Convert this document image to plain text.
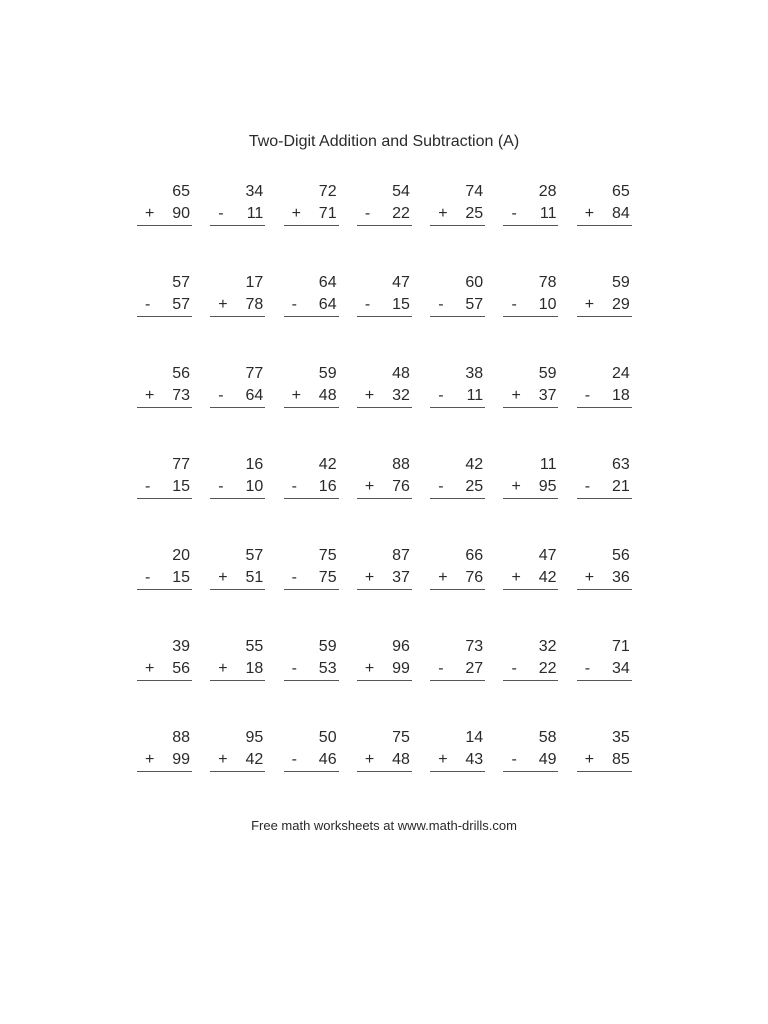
Two-Digit Addition and Subtraction (A)
65
+ 90
34
- 11
72
+ 71
54
- 22
74
+ 25
28
- 11
65
+ 84
57
- 57
17
+ 78
64
- 64
47
- 15
60
- 57
78
- 10
59
+ 29
56
+ 73
77
- 64
59
+ 48
48
+ 32
38
- 11
59
+ 37
24
- 18
77
- 15
16
- 10
42
- 16
88
+ 76
42
- 25
11
+ 95
63
- 21
20
- 15
57
+ 51
75
- 75
87
+ 37
66
+ 76
47
+ 42
56
+ 36
39
+ 56
55
+ 18
59
- 53
96
+ 99
73
- 27
32
- 22
71
- 34
88
+ 99
95
+ 42
50
- 46
75
+ 48
14
+ 43
58
- 49
35
+ 85
Free math worksheets at www.math-drills.com
